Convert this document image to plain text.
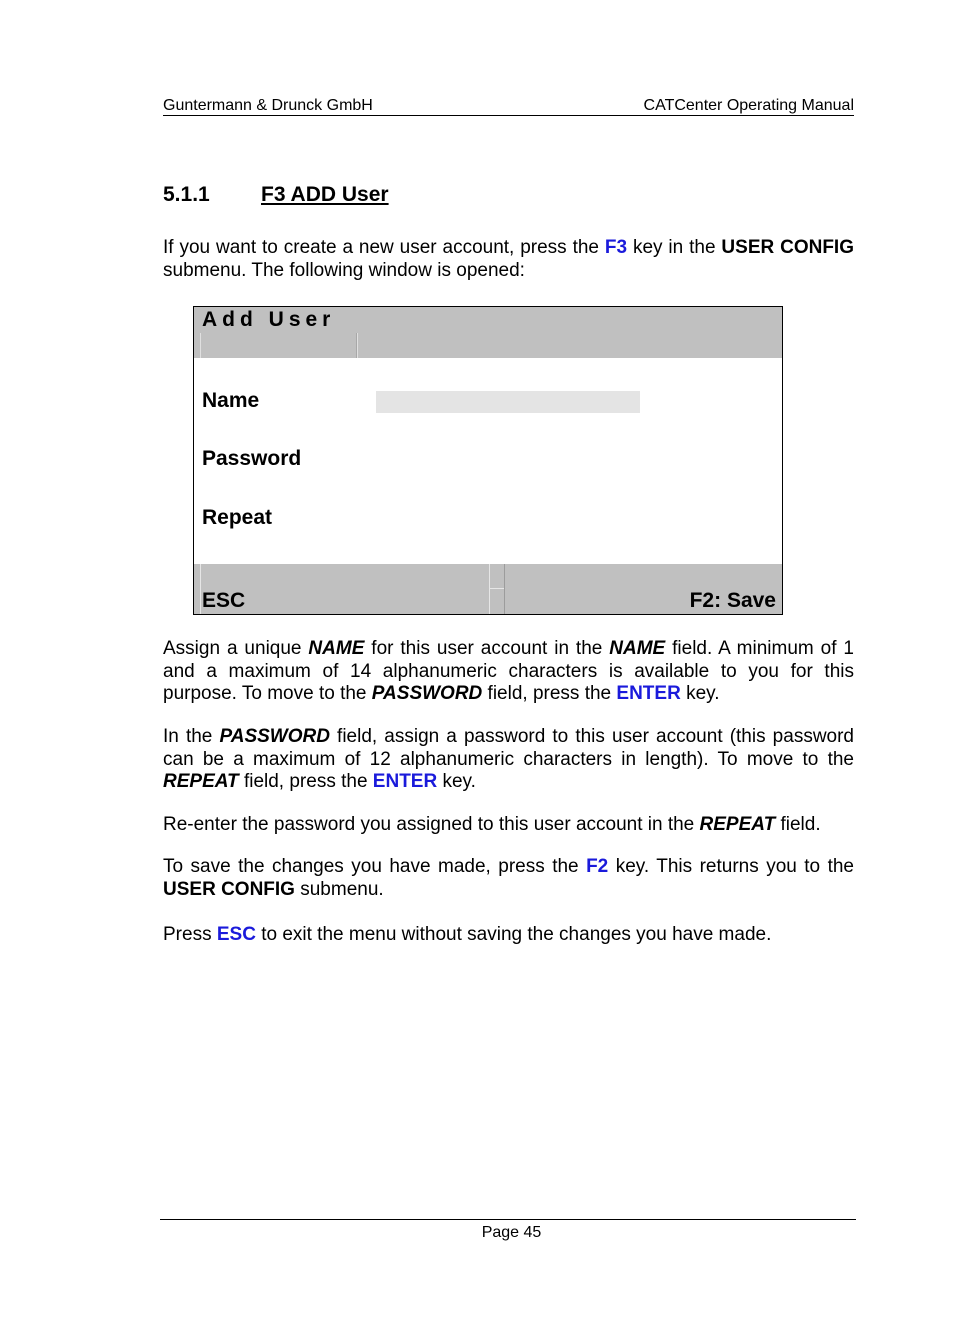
Guntermann & Drunck GmbH	CATCenter Operating Manual
5.1.1 F3 ADD User

If you want to create a new user account, press the F3 key in the USER CONFIG submenu. The following window is opened:

Add User
Name
Password
Repeat
ESC	F2: Save

Assign a unique NAME for this user account in the NAME field. A minimum of 1 and a maximum of 14 alphanumeric characters is available to you for this purpose. To move to the PASSWORD field, press the ENTER key.

In the PASSWORD field, assign a password to this user account (this password can be a maximum of 12 alphanumeric characters in length). To move to the REPEAT field, press the ENTER key.

Re-enter the password you assigned to this user account in the REPEAT field.

To save the changes you have made, press the F2 key. This returns you to the USER CONFIG submenu.

Press ESC to exit the menu without saving the changes you have made.

Page 45
